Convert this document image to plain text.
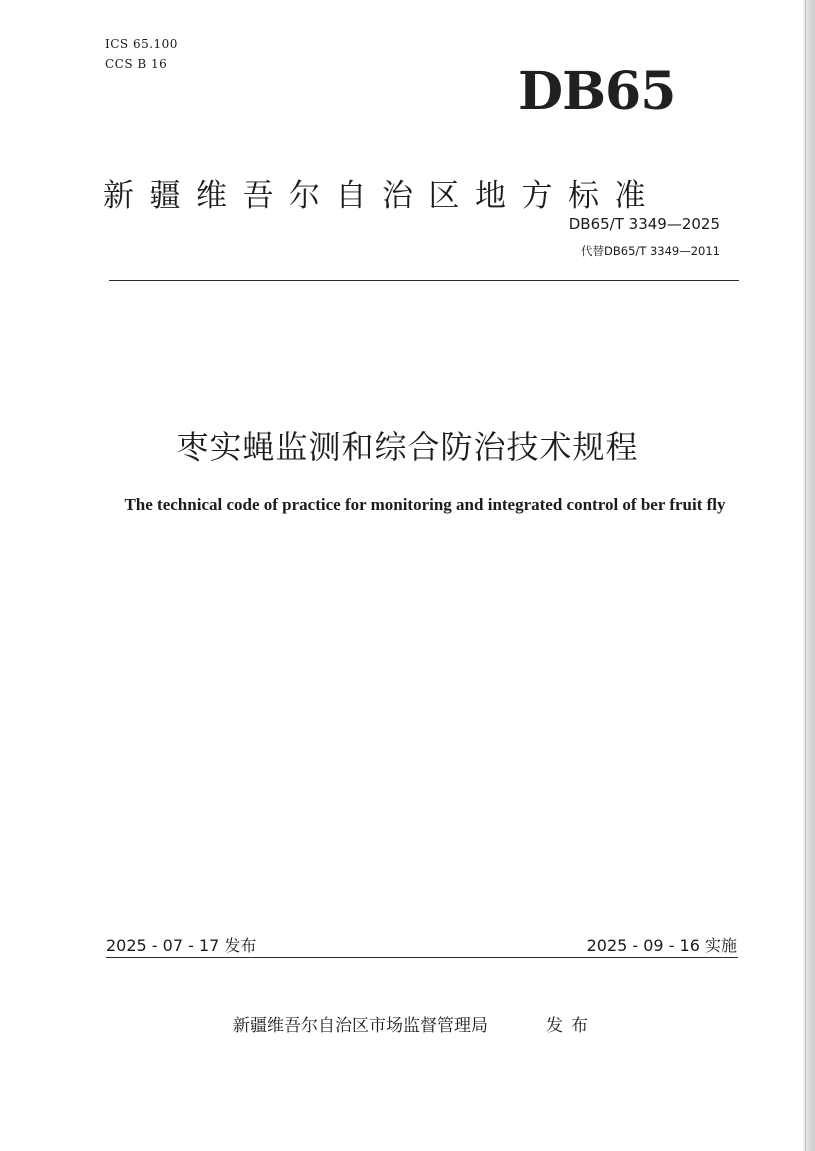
ICS 65.100
CCS B 16	DB65
新疆维吾尔自治区地方标准
DB65/T 3349—2025
代替DB65/T 3349—2011
枣实蝇监测和综合防治技术规程
The technical code of practice for monitoring and integrated control of ber fruit fly
2025 - 07 - 17 发布	2025 - 09 - 16 实施
新疆维吾尔自治区市场监督管理局	发布
